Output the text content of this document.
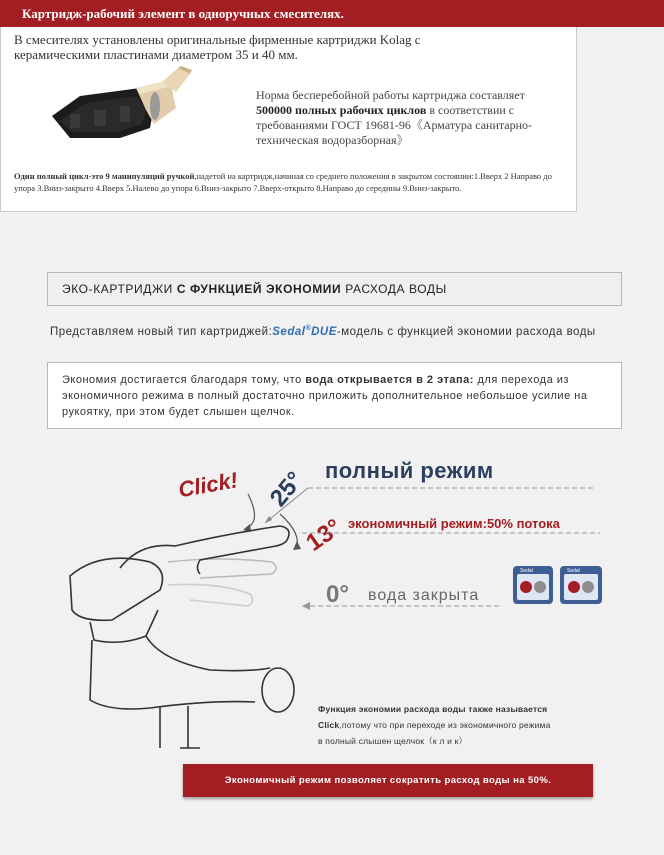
Картридж-рабочий элемент в однорyчных смесителях.
В смесителях установлены оригинальные фирменные картриджи Kolag с
керамическими пластинами диаметром 35 и 40 мм.
Норма бесперебойной работы картриджа составляет 500000 полных рабочих циклов в соответствии с требованиями ГОСТ 19681-96《Арматура санитарно-техническая водоразборная》
Один полный цикл-это 9 манипуляций ручкой,надетой на картридж,начиная со среднего положения в закрытом состоянии:1.Вверх 2 Направо до упора 3.Вниз-закрыто 4.Вверх 5.Налево до упора 6.Вниз-закрыто 7.Вверх-открыто 8.Направо до середины 9.Вниз-закрыто.
ЭКО-КАРТРИДЖИ С ФУНКЦИЕЙ ЭКОНОМИИ РАСХОДА ВОДЫ
Представляем новый тип картриджей:Sedal®DUE-модель с функцией экономии расхода воды
Экономия достигается благодаря тому, что вода открывается в 2 этапа: для перехода из экономичного режима в полный достаточно приложить дополнительное небольшое усилие на рукоятку, при этом будет слышен щелчок.
Click! 25° полный режим
13° экономичный режим:50% потока
0° вода закрыта
Sedal	Sedal
Функция экономии расхода воды также называется
Click,потому что при переходе из экономичного режима
в полный слышен щелчок（к л и к）
Экономичный режим позволяет сократить расход воды на 50%.
